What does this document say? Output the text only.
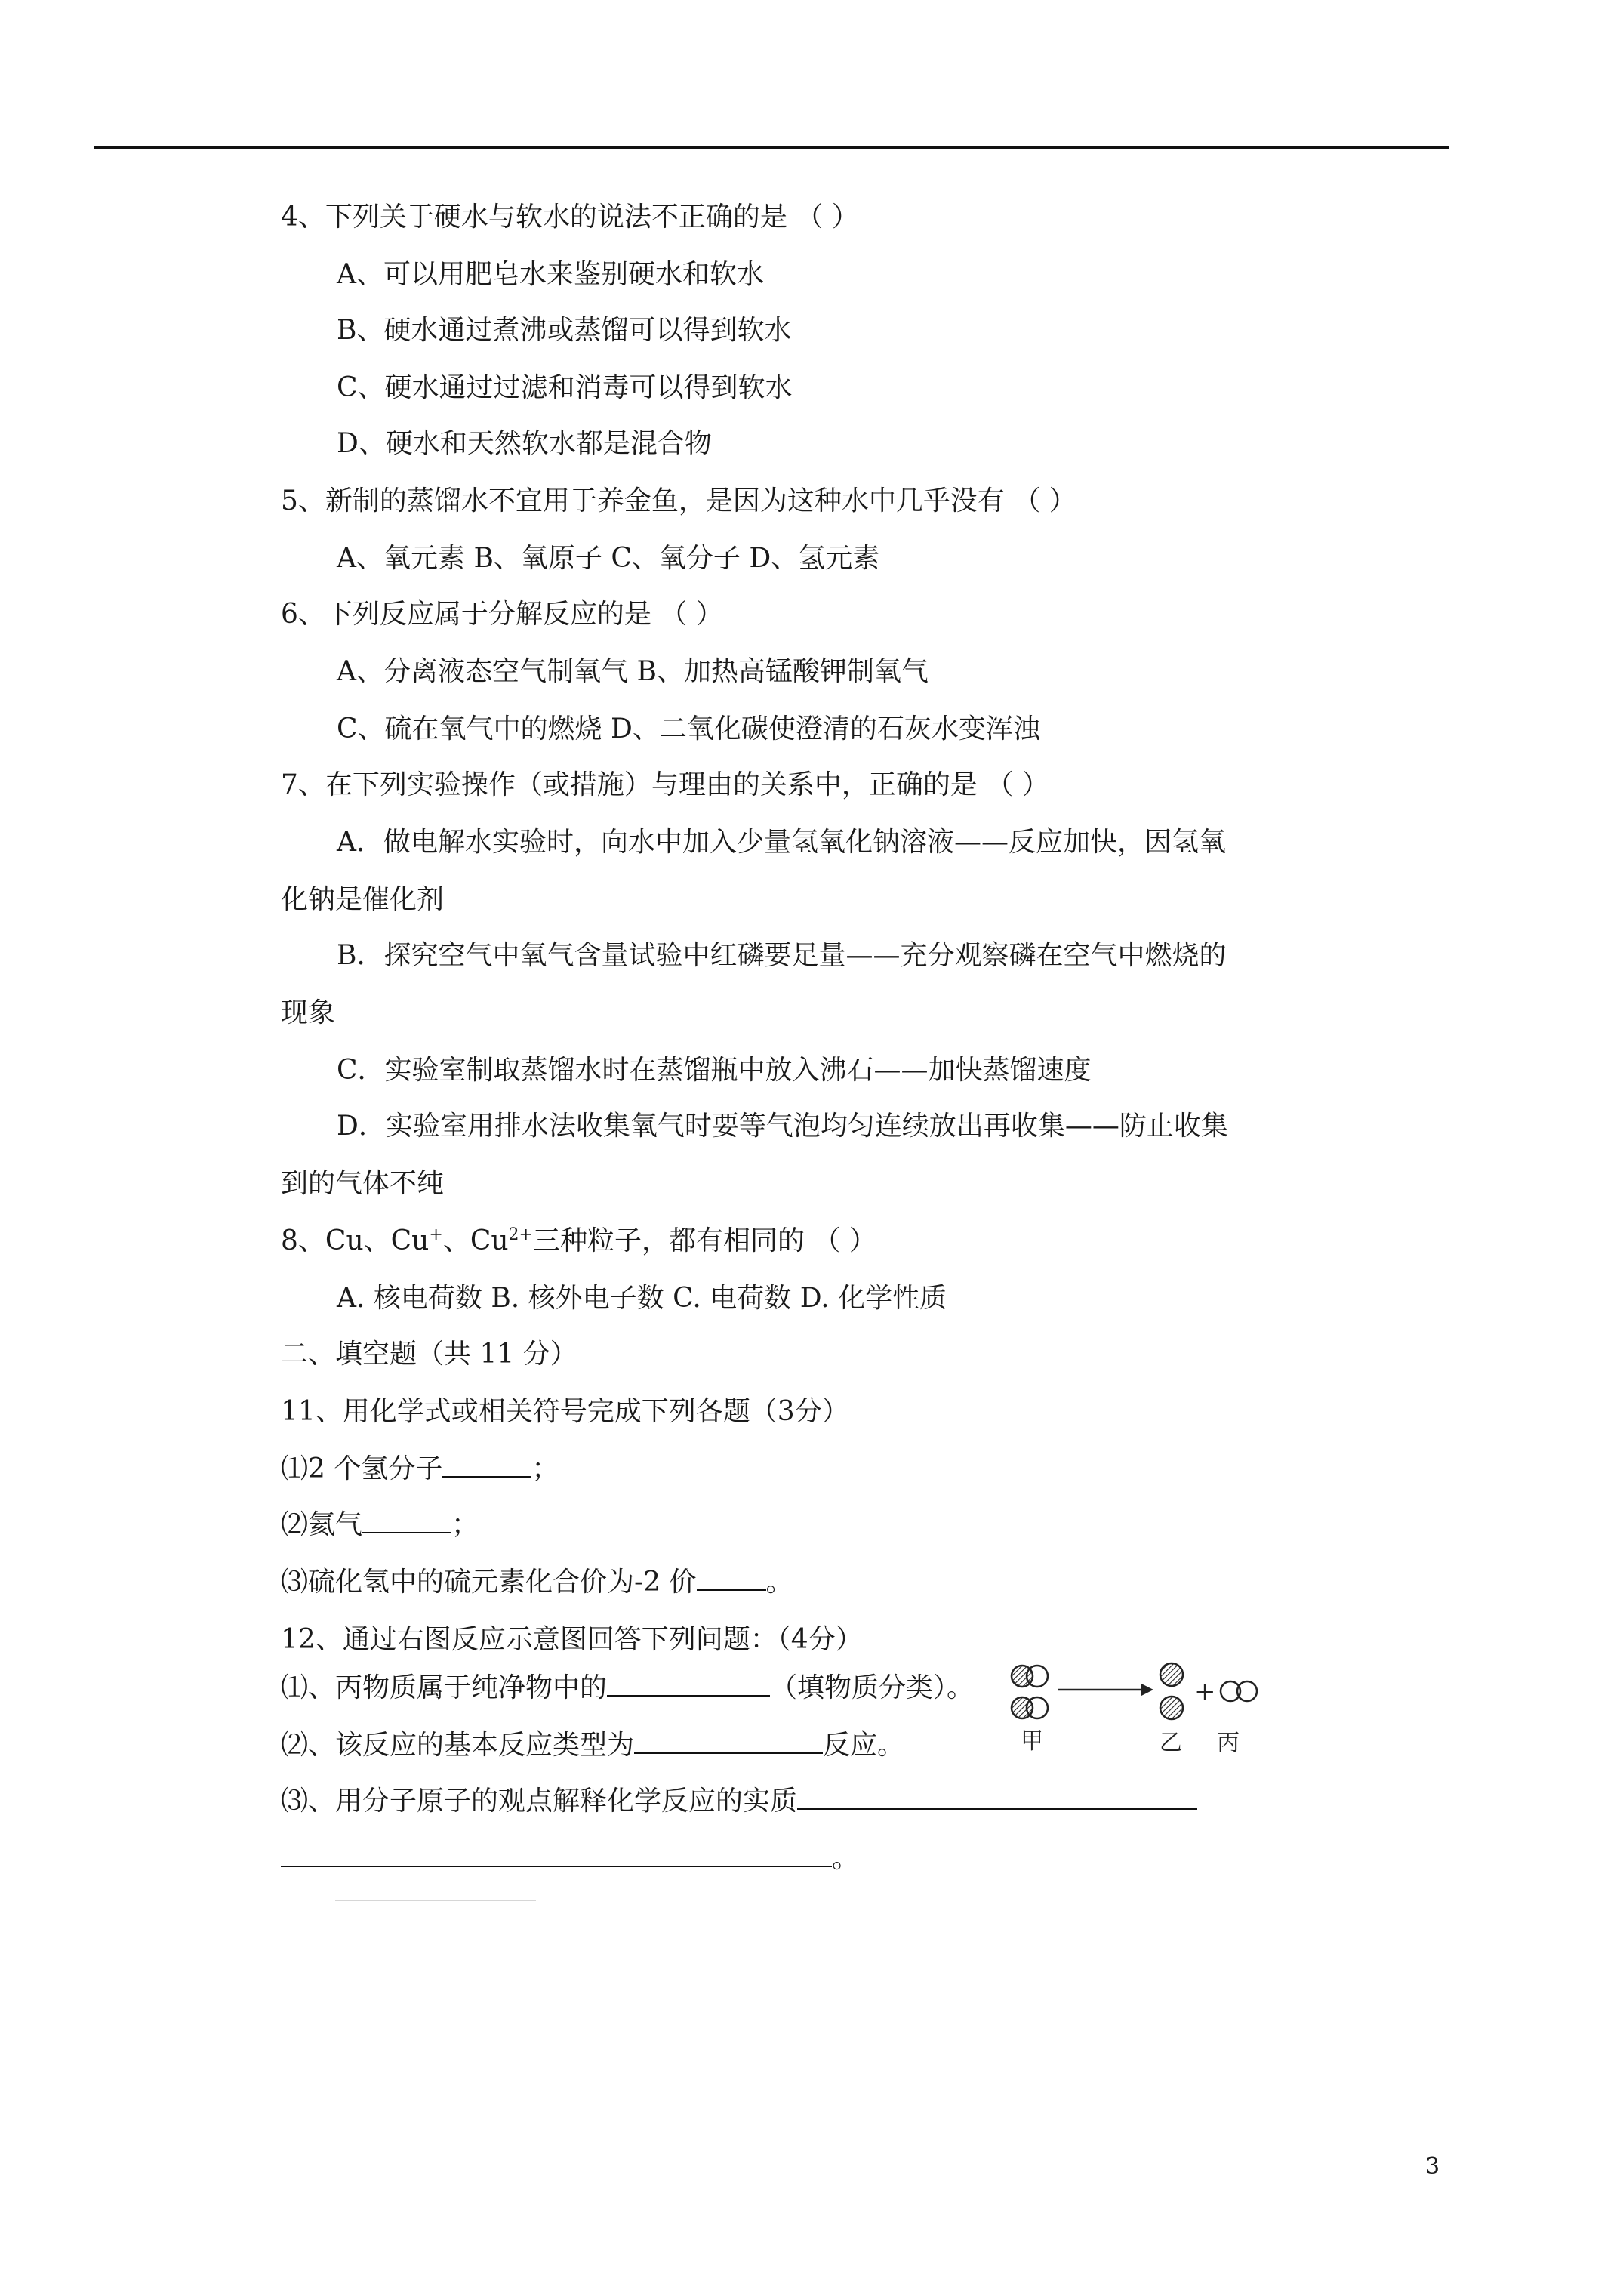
4、下列关于硬水与软水的说法不正确的是 （ ）
A、可以用肥皂水来鉴别硬水和软水
B、硬水通过煮沸或蒸馏可以得到软水
C、硬水通过过滤和消毒可以得到软水
D、硬水和天然软水都是混合物
5、新制的蒸馏水不宜用于养金鱼，是因为这种水中几乎没有 （ ）
A、氧元素 B、氧原子 C、氧分子 D、氢元素
6、下列反应属于分解反应的是 （ ）
A、分离液态空气制氧气 B、加热高锰酸钾制氧气
C、硫在氧气中的燃烧 D、二氧化碳使澄清的石灰水变浑浊
7、在下列实验操作（或措施）与理由的关系中，正确的是 （ ）
A．做电解水实验时，向水中加入少量氢氧化钠溶液——反应加快，因氢氧
化钠是催化剂
B．探究空气中氧气含量试验中红磷要足量——充分观察磷在空气中燃烧的
现象
C．实验室制取蒸馏水时在蒸馏瓶中放入沸石——加快蒸馏速度
D．实验室用排水法收集氧气时要等气泡均匀连续放出再收集——防止收集
到的气体不纯
8、Cu、Cu+、$Cu^{2+}$三种粒子，都有相同的 （ ）
A. 核电荷数 B. 核外电子数 C. 电荷数 D. 化学性质
二、填空题（共 11 分）
11、用化学式或相关符号完成下列各题（3分）
⑴2 个氢分子	；
⑵氦气	；
⑶硫化氢中的硫元素化合价为-2 价	。
12、通过右图反应示意图回答下列问题：（4分）
⑴、丙物质属于纯净物中的	（填物质分类）。
⑵、该反应的基本反应类型为	反应。
⑶、用分子原子的观点解释化学反应的实质
。
+
甲	乙 丙
3
